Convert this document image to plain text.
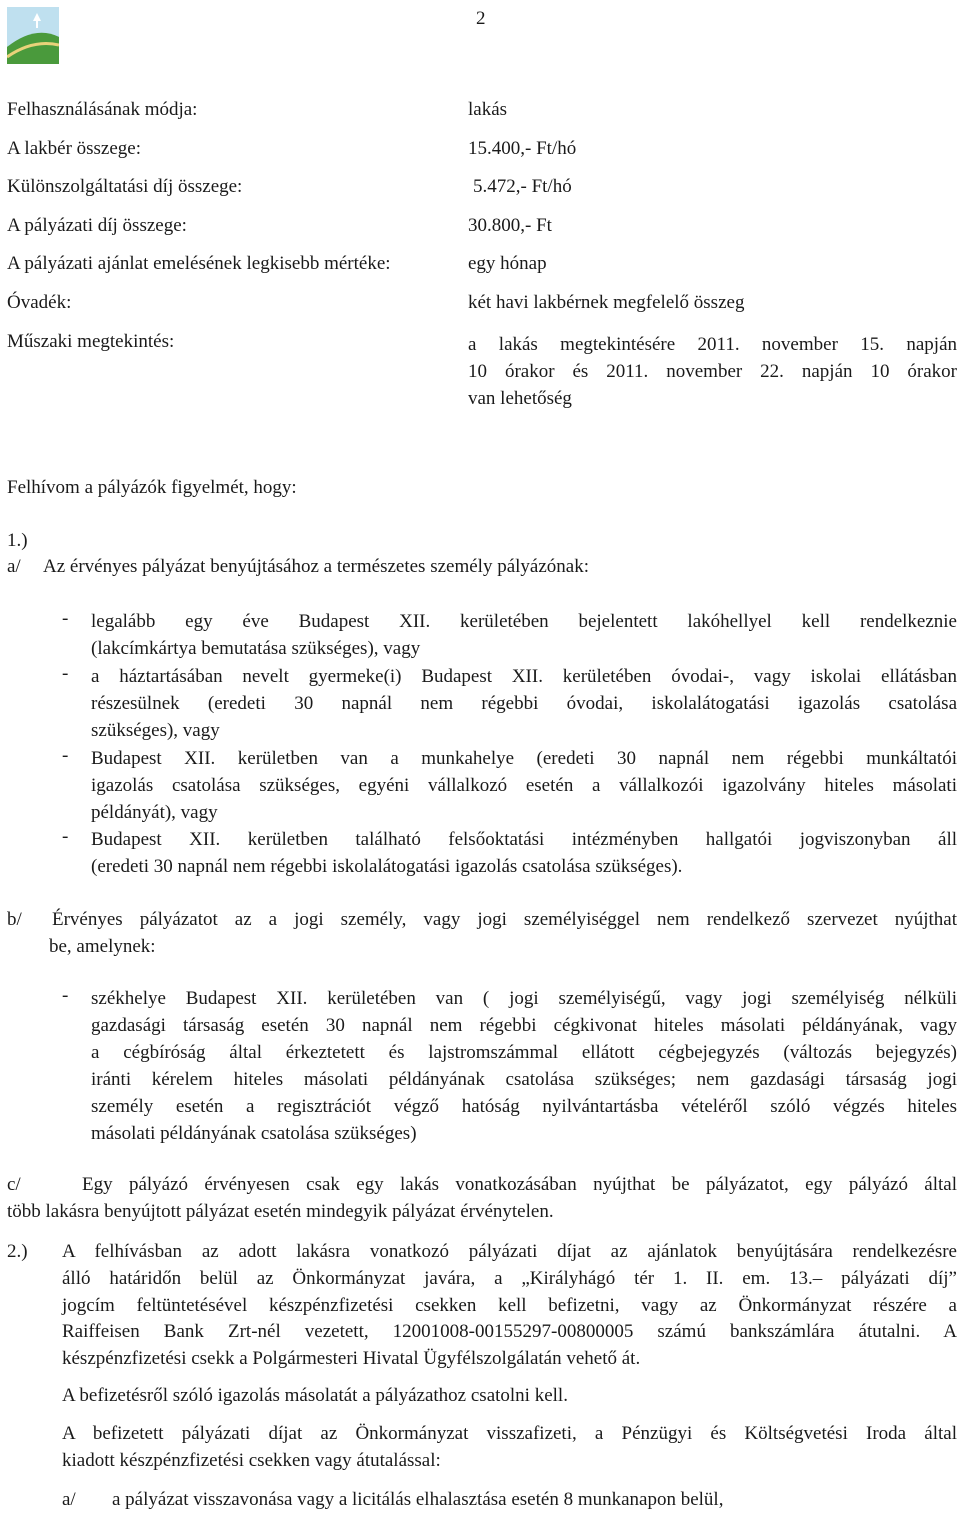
2
Felhasználásának módja:	lakás
A lakbér összege:	15.400,- Ft/hó
Különszolgáltatási díj összege:	5.472,- Ft/hó
A pályázati díj összege:	30.800,- Ft
A pályázati ajánlat emelésének legkisebb mértéke:	egy hónap
Óvadék:	két havi lakbérnek megfelelő összeg
Műszaki megtekintés:	a lakás megtekintésére 2011. november 15. napján
10 órakor és 2011. november 22. napján 10 órakor
van lehetőség
Felhívom a pályázók figyelmét, hogy:
1.)
a/ Az érvényes pályázat benyújtásához a természetes személy pályázónak:
- legalább egy éve Budapest XII. kerületében bejelentett lakóhellyel kell rendelkeznie
(lakcímkártya bemutatása szükséges), vagy
- a háztartásában nevelt gyermeke(i) Budapest XII. kerületében óvodai-, vagy iskolai ellátásban
részesülnek (eredeti 30 napnál nem régebbi óvodai, iskolalátogatási igazolás csatolása
szükséges), vagy
- Budapest XII. kerületben van a munkahelye (eredeti 30 napnál nem régebbi munkáltatói
igazolás csatolása szükséges, egyéni vállalkozó esetén a vállalkozói igazolvány hiteles másolati
példányát), vagy
- Budapest XII. kerületben található felsőoktatási intézményben hallgatói jogviszonyban áll
(eredeti 30 napnál nem régebbi iskolalátogatási igazolás csatolása szükséges).
b/ Érvényes pályázatot az a jogi személy, vagy jogi személyiséggel nem rendelkező szervezet nyújthat
be, amelynek:
- székhelye Budapest XII. kerületében van ( jogi személyiségű, vagy jogi személyiség nélküli
gazdasági társaság esetén 30 napnál nem régebbi cégkivonat hiteles másolati példányának, vagy
a cégbíróság által érkeztetett és lajstromszámmal ellátott cégbejegyzés (változás bejegyzés)
iránti kérelem hiteles másolati példányának csatolása szükséges; nem gazdasági társaság jogi
személy esetén a regisztrációt végző hatóság nyilvántartásba vételéről szóló végzés hiteles
másolati példányának csatolása szükséges)
c/	Egy pályázó érvényesen csak egy lakás vonatkozásában nyújthat be pályázatot, egy pályázó által
több lakásra benyújtott pályázat esetén mindegyik pályázat érvénytelen.
2.) A felhívásban az adott lakásra vonatkozó pályázati díjat az ajánlatok benyújtására rendelkezésre
álló határidőn belül az Önkormányzat javára, a „Királyhágó tér 1. II. em. 13.– pályázati díj”
jogcím feltüntetésével készpénzfizetési csekken kell befizetni, vagy az Önkormányzat részére a
Raiffeisen Bank Zrt-nél vezetett, 12001008-00155297-00800005 számú bankszámlára átutalni. A
készpénzfizetési csekk a Polgármesteri Hivatal Ügyfélszolgálatán vehető át.
A befizetésről szóló igazolás másolatát a pályázathoz csatolni kell.
A befizetett pályázati díjat az Önkormányzat visszafizeti, a Pénzügyi és Költségvetési Iroda által
kiadott készpénzfizetési csekken vagy átutalással:
a/ a pályázat visszavonása vagy a licitálás elhalasztása esetén 8 munkanapon belül,
